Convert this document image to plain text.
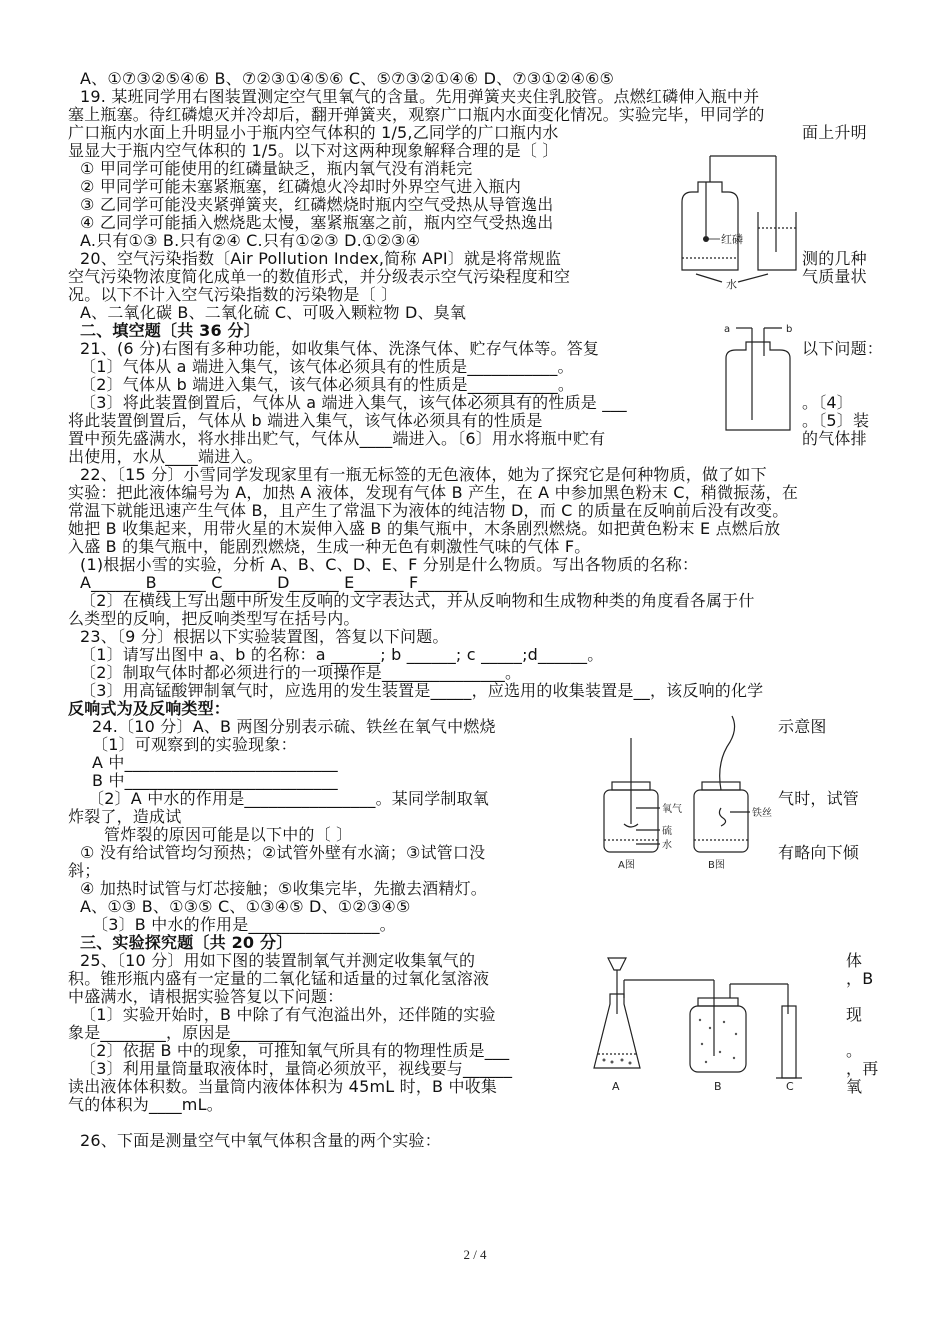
A、①⑦③②⑤④⑥ B、⑦②③①④⑤⑥ C、⑤⑦③②①④⑥ D、⑦③①②④⑥⑤
19. 某班同学用右图装置测定空气里氧气的含量。先用弹簧夹夹住乳胶管。点燃红磷伸入瓶中并
塞上瓶塞。待红磷熄灭并冷却后，翻开弹簧夹，观察广口瓶内水面变化情况。实验完毕，甲同学的
广口瓶内水面上升明显小于瓶内空气体积的 1/5,乙同学的广口瓶内水	面上升明
显显大于瓶内空气体积的 1/5。以下对这两种现象解释合理的是〔 〕
① 甲同学可能使用的红磷量缺乏，瓶内氧气没有消耗完
② 甲同学可能未塞紧瓶塞，红磷熄火冷却时外界空气进入瓶内
③ 乙同学可能没夹紧弹簧夹，红磷燃烧时瓶内空气受热从导管逸出
④ 乙同学可能插入燃烧匙太慢，塞紧瓶塞之前，瓶内空气受热逸出
A.只有①③ B.只有②④ C.只有①②③ D.①②③④
20、空气污染指数〔Air Pollution Index,简称 API〕就是将常规监	测的几种
空气污染物浓度简化成单一的数值形式，并分级表示空气污染程度和空	气质量状
况。以下不计入空气污染指数的污染物是〔 〕
A、二氧化碳 B、二氧化硫 C、可吸入颗粒物 D、臭氧
二、填空题〔共 36 分〕
21、(6 分)右图有多种功能，如收集气体、洗涤气体、贮存气体等。答复	以下问题：
〔1〕气体从 a 端进入集气，该气体必须具有的性质是___________。
〔2〕气体从 b 端进入集气，该气体必须具有的性质是___________。
〔3〕将此装置倒置后，气体从 a 端进入集气，该气体必须具有的性质是 ___	。〔4〕
将此装置倒置后，气体从 b 端进入集气，该气体必须具有的性质是	。〔5〕装
置中预先盛满水，将水排出贮气，气体从____端进入。〔6〕用水将瓶中贮有	的气体排
出使用，水从____端进入。
22、〔15 分〕小雪同学发现家里有一瓶无标签的无色液体，她为了探究它是何种物质，做了如下
实验：把此液体编号为 A，加热 A 液体，发现有气体 B 产生，在 A 中参加黑色粉末 C，稍微振荡，在
常温下就能迅速产生气体 B，且产生了常温下为液体的纯洁物 D，而 C 的质量在反响前后没有改变。
她把 B 收集起来，用带火星的木炭伸入盛 B 的集气瓶中，木条剧烈燃烧。如把黄色粉末 E 点燃后放
入盛 B 的集气瓶中，能剧烈燃烧，生成一种无色有刺激性气味的气体 F。
(1)根据小雪的实验，分析 A、B、C、D、E、F 分别是什么物质。写出各物质的名称：
A______ B______ C______ D______ E______ F______
〔2〕在横线上写出题中所发生反响的文字表达式，并从反响物和生成物种类的角度看各属于什
么类型的反响，把反响类型写在括号内。
23、〔9 分〕根据以下实验装置图，答复以下问题。
〔1〕请写出图中 a、b 的名称：a ______; b ______; c _____;d______。
〔2〕制取气体时都必须进行的一项操作是_______________。
〔3〕用高锰酸钾制氧气时，应选用的发生装置是_____，应选用的收集装置是__，该反响的化学
反响式为及反响类型：
24.〔10 分〕A、B 两图分别表示硫、铁丝在氧气中燃烧	示意图
〔1〕可观察到的实验现象：
A 中__________________________
B 中__________________________
〔2〕A 中水的作用是________________。某同学制取氧	气时，试管
炸裂了，造成试
管炸裂的原因可能是以下中的〔 〕
① 没有给试管均匀预热；②试管外壁有水滴；③试管口没	有略向下倾
斜；
④ 加热时试管与灯芯接触；⑤收集完毕，先撤去酒精灯。
A、①③ B、①③⑤ C、①③④⑤ D、①②③④⑤
〔3〕B 中水的作用是________________。
三、实验探究题〔共 20 分〕
25、〔10 分〕用如下图的装置制氧气并测定收集氧气的	体
积。锥形瓶内盛有一定量的二氧化锰和适量的过氧化氢溶液	，B
中盛满水，请根据实验答复以下问题：
〔1〕实验开始时，B 中除了有气泡溢出外，还伴随的实验	现
象是________，原因是________
〔2〕依据 B 中的现象，可推知氧气所具有的物理性质是___	。
〔3〕利用量筒量取液体时，量筒必须放平，视线要与______	，再
读出液体体积数。当量筒内液体体积为 45mL 时，B 中收集	氧
气的体积为____mL。
26、下面是测量空气中氧气体积含量的两个实验：
红磷
水
a	b
氧气
硫
水
铁丝
A图	B图
A	B	C
2 / 4
